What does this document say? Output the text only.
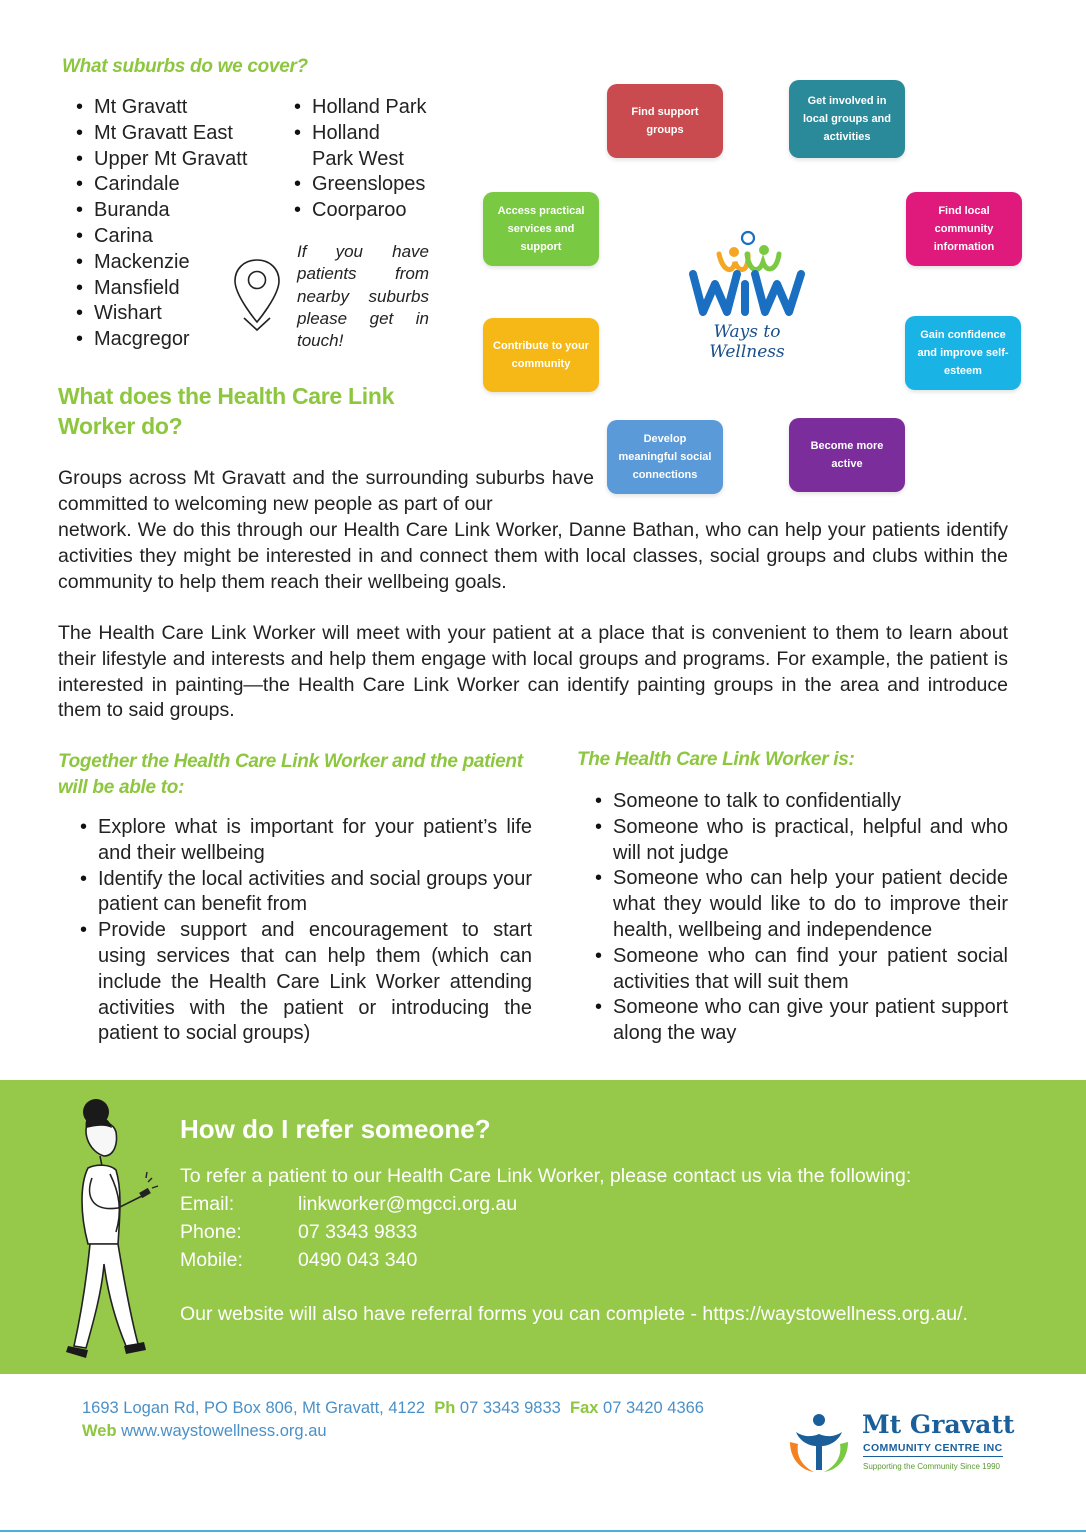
What suburbs do we cover?
• Mt Gravatt
• Mt Gravatt East
• Upper Mt Gravatt
• Carindale
• Buranda
• Carina
• Mackenzie
• Mansfield
• Wishart
• Macgregor
• Holland Park
• Holland Park West
• Greenslopes
• Coorparoo
If you have patients from nearby suburbs please get in touch!
Find support groups
Get involved in local groups and activities
Find local community information
Gain confidence and improve self-esteem
Become more active
Develop meaningful social connections
Contribute to your community
Access practical services and support
Ways to Wellness
What does the Health Care Link Worker do?
Groups across Mt Gravatt and the surrounding suburbs have committed to welcoming new people as part of our
network. We do this through our Health Care Link Worker, Danne Bathan, who can help your patients identify activities they might be interested in and connect them with local classes, social groups and clubs within the community to help them reach their wellbeing goals.
The Health Care Link Worker will meet with your patient at a place that is convenient to them to learn about their lifestyle and interests and help them engage with local groups and programs. For example, the patient is interested in painting—the Health Care Link Worker can identify painting groups in the area and introduce them to said groups.
Together the Health Care Link Worker and the patient will be able to:
• Explore what is important for your patient’s life and their wellbeing
• Identify the local activities and social groups your patient can benefit from
• Provide support and encouragement to start using services that can help them (which can include the Health Care Link Worker attending activities with the patient or introducing the patient to social groups)
The Health Care Link Worker is:
• Someone to talk to confidentially
• Someone who is practical, helpful and who will not judge
• Someone who can help your patient decide what they would like to do to improve their health, wellbeing and independence
• Someone who can find your patient social activities that will suit them
• Someone who can give your patient support along the way
How do I refer someone?
To refer a patient to our Health Care Link Worker, please contact us via the following:
Email:	linkworker@mgcci.org.au
Phone:	07 3343 9833
Mobile:	0490 043 340
Our website will also have referral forms you can complete - https://waystowellness.org.au/.
1693 Logan Rd, PO Box 806, Mt Gravatt, 4122 Ph 07 3343 9833 Fax 07 3420 4366
Web www.waystowellness.org.au	Mt Gravatt
COMMUNITY CENTRE INC
Supporting the Community Since 1990
